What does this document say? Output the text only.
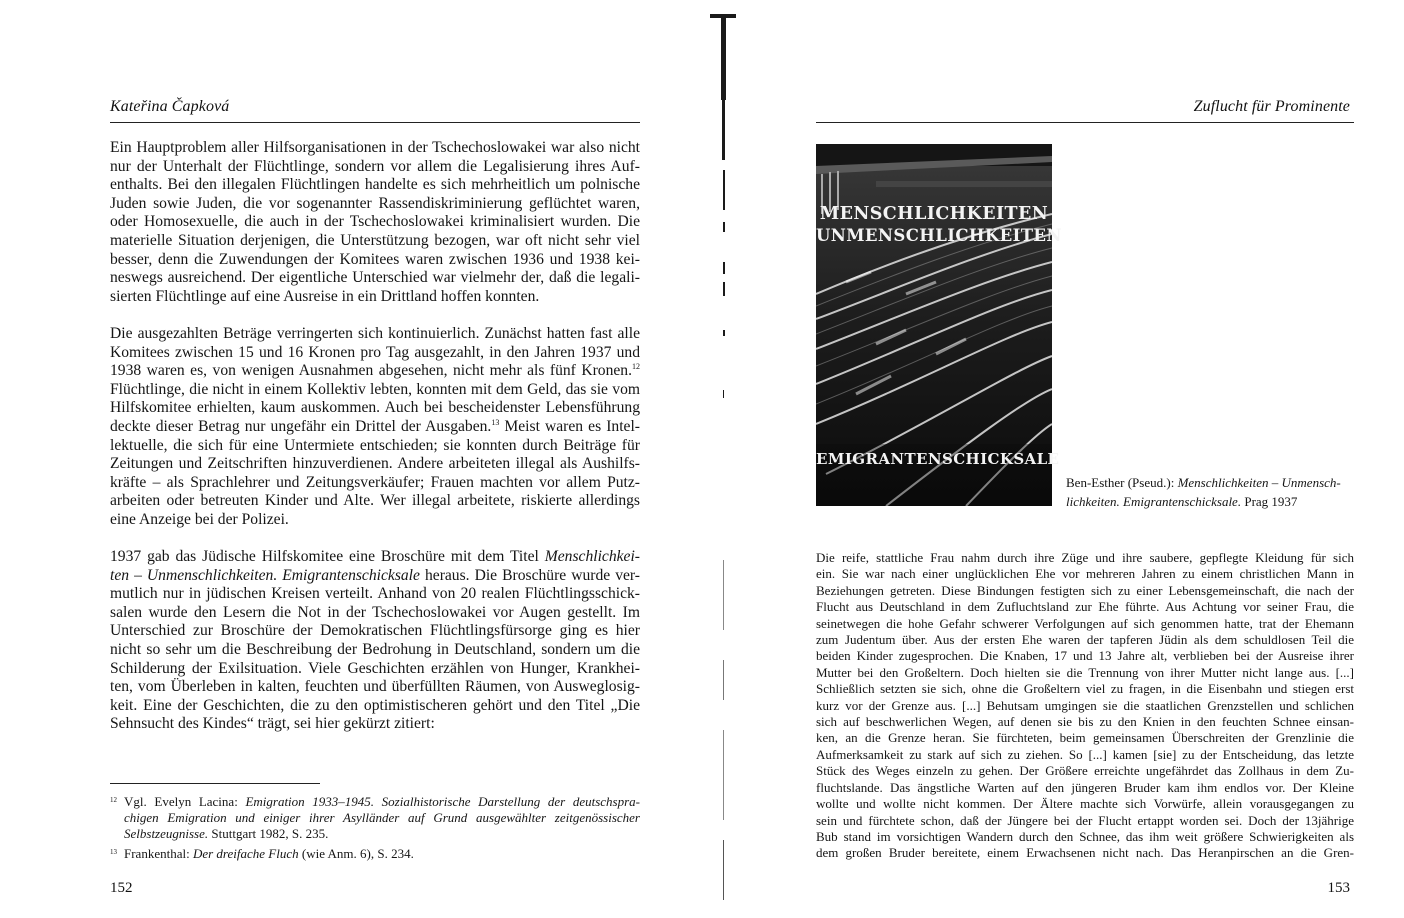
Kateřina Čapková
Ein Hauptproblem aller Hilfsorganisationen in der Tschechoslowakei war also nicht
nur der Unterhalt der Flüchtlinge, sondern vor allem die Legalisierung ihres Auf-
enthalts. Bei den illegalen Flüchtlingen handelte es sich mehrheitlich um polnische
Juden sowie Juden, die vor sogenannter Rassendiskriminierung geflüchtet waren,
oder Homosexuelle, die auch in der Tschechoslowakei kriminalisiert wurden. Die
materielle Situation derjenigen, die Unterstützung bezogen, war oft nicht sehr viel
besser, denn die Zuwendungen der Komitees waren zwischen 1936 und 1938 kei-
neswegs ausreichend. Der eigentliche Unterschied war vielmehr der, daß die legali-
sierten Flüchtlinge auf eine Ausreise in ein Drittland hoffen konnten.
Die ausgezahlten Beträge verringerten sich kontinuierlich. Zunächst hatten fast alle
Komitees zwischen 15 und 16 Kronen pro Tag ausgezahlt, in den Jahren 1937 und
1938 waren es, von wenigen Ausnahmen abgesehen, nicht mehr als fünf Kronen.$^{12}$
Flüchtlinge, die nicht in einem Kollektiv lebten, konnten mit dem Geld, das sie vom
Hilfskomitee erhielten, kaum auskommen. Auch bei bescheidenster Lebensführung
deckte dieser Betrag nur ungefähr ein Drittel der Ausgaben.$^{13}$ Meist waren es Intel-
lektuelle, die sich für eine Untermiete entschieden; sie konnten durch Beiträge für
Zeitungen und Zeitschriften hinzuverdienen. Andere arbeiteten illegal als Aushilfs-
kräfte – als Sprachlehrer und Zeitungsverkäufer; Frauen machten vor allem Putz-
arbeiten oder betreuten Kinder und Alte. Wer illegal arbeitete, riskierte allerdings
eine Anzeige bei der Polizei.
1937 gab das Jüdische Hilfskomitee eine Broschüre mit dem Titel Menschlichkei-
ten – Unmenschlichkeiten. Emigrantenschicksale heraus. Die Broschüre wurde ver-
mutlich nur in jüdischen Kreisen verteilt. Anhand von 20 realen Flüchtlingsschick-
salen wurde den Lesern die Not in der Tschechoslowakei vor Augen gestellt. Im
Unterschied zur Broschüre der Demokratischen Flüchtlingsfürsorge ging es hier
nicht so sehr um die Beschreibung der Bedrohung in Deutschland, sondern um die
Schilderung der Exilsituation. Viele Geschichten erzählen von Hunger, Krankhei-
ten, vom Überleben in kalten, feuchten und überfüllten Räumen, von Ausweglosig-
keit. Eine der Geschichten, die zu den optimistischeren gehört und den Titel „Die
Sehnsucht des Kindes“ trägt, sei hier gekürzt zitiert:
12 Vgl. Evelyn Lacina: Emigration 1933–1945. Sozialhistorische Darstellung der deutschspra-
chigen Emigration und einiger ihrer Asylländer auf Grund ausgewählter zeitgenössischer
Selbstzeugnisse. Stuttgart 1982, S. 235.
13 Frankenthal: Der dreifache Fluch (wie Anm. 6), S. 234.
152
Zuflucht für Prominente
MENSCHLICHKEITEN
UNMENSCHLICHKEITEN
EMIGRANTENSCHICKSALE
Ben-Esther (Pseud.): Menschlichkeiten – Unmensch-
lichkeiten. Emigrantenschicksale. Prag 1937
Die reife, stattliche Frau nahm durch ihre Züge und ihre saubere, gepflegte Kleidung für sich
ein. Sie war nach einer unglücklichen Ehe vor mehreren Jahren zu einem christlichen Mann in
Beziehungen getreten. Diese Bindungen festigten sich zu einer Lebensgemeinschaft, die nach der
Flucht aus Deutschland in dem Zufluchtsland zur Ehe führte. Aus Achtung vor seiner Frau, die
seinetwegen die hohe Gefahr schwerer Verfolgungen auf sich genommen hatte, trat der Ehemann
zum Judentum über. Aus der ersten Ehe waren der tapferen Jüdin als dem schuldlosen Teil die
beiden Kinder zugesprochen. Die Knaben, 17 und 13 Jahre alt, verblieben bei der Ausreise ihrer
Mutter bei den Großeltern. Doch hielten sie die Trennung von ihrer Mutter nicht lange aus. [...]
Schließlich setzten sie sich, ohne die Großeltern viel zu fragen, in die Eisenbahn und stiegen erst
kurz vor der Grenze aus. [...] Behutsam umgingen sie die staatlichen Grenzstellen und schlichen
sich auf beschwerlichen Wegen, auf denen sie bis zu den Knien in den feuchten Schnee einsan-
ken, an die Grenze heran. Sie fürchteten, beim gemeinsamen Überschreiten der Grenzlinie die
Aufmerksamkeit zu stark auf sich zu ziehen. So [...] kamen [sie] zu der Entscheidung, das letzte
Stück des Weges einzeln zu gehen. Der Größere erreichte ungefährdet das Zollhaus in dem Zu-
fluchtslande. Das ängstliche Warten auf den jüngeren Bruder kam ihm endlos vor. Der Kleine
wollte und wollte nicht kommen. Der Ältere machte sich Vorwürfe, allein vorausgegangen zu
sein und fürchtete schon, daß der Jüngere bei der Flucht ertappt worden sei. Doch der 13jährige
Bub stand im vorsichtigen Wandern durch den Schnee, das ihm weit größere Schwierigkeiten als
dem großen Bruder bereitete, einem Erwachsenen nicht nach. Das Heranpirschen an die Gren-
153
